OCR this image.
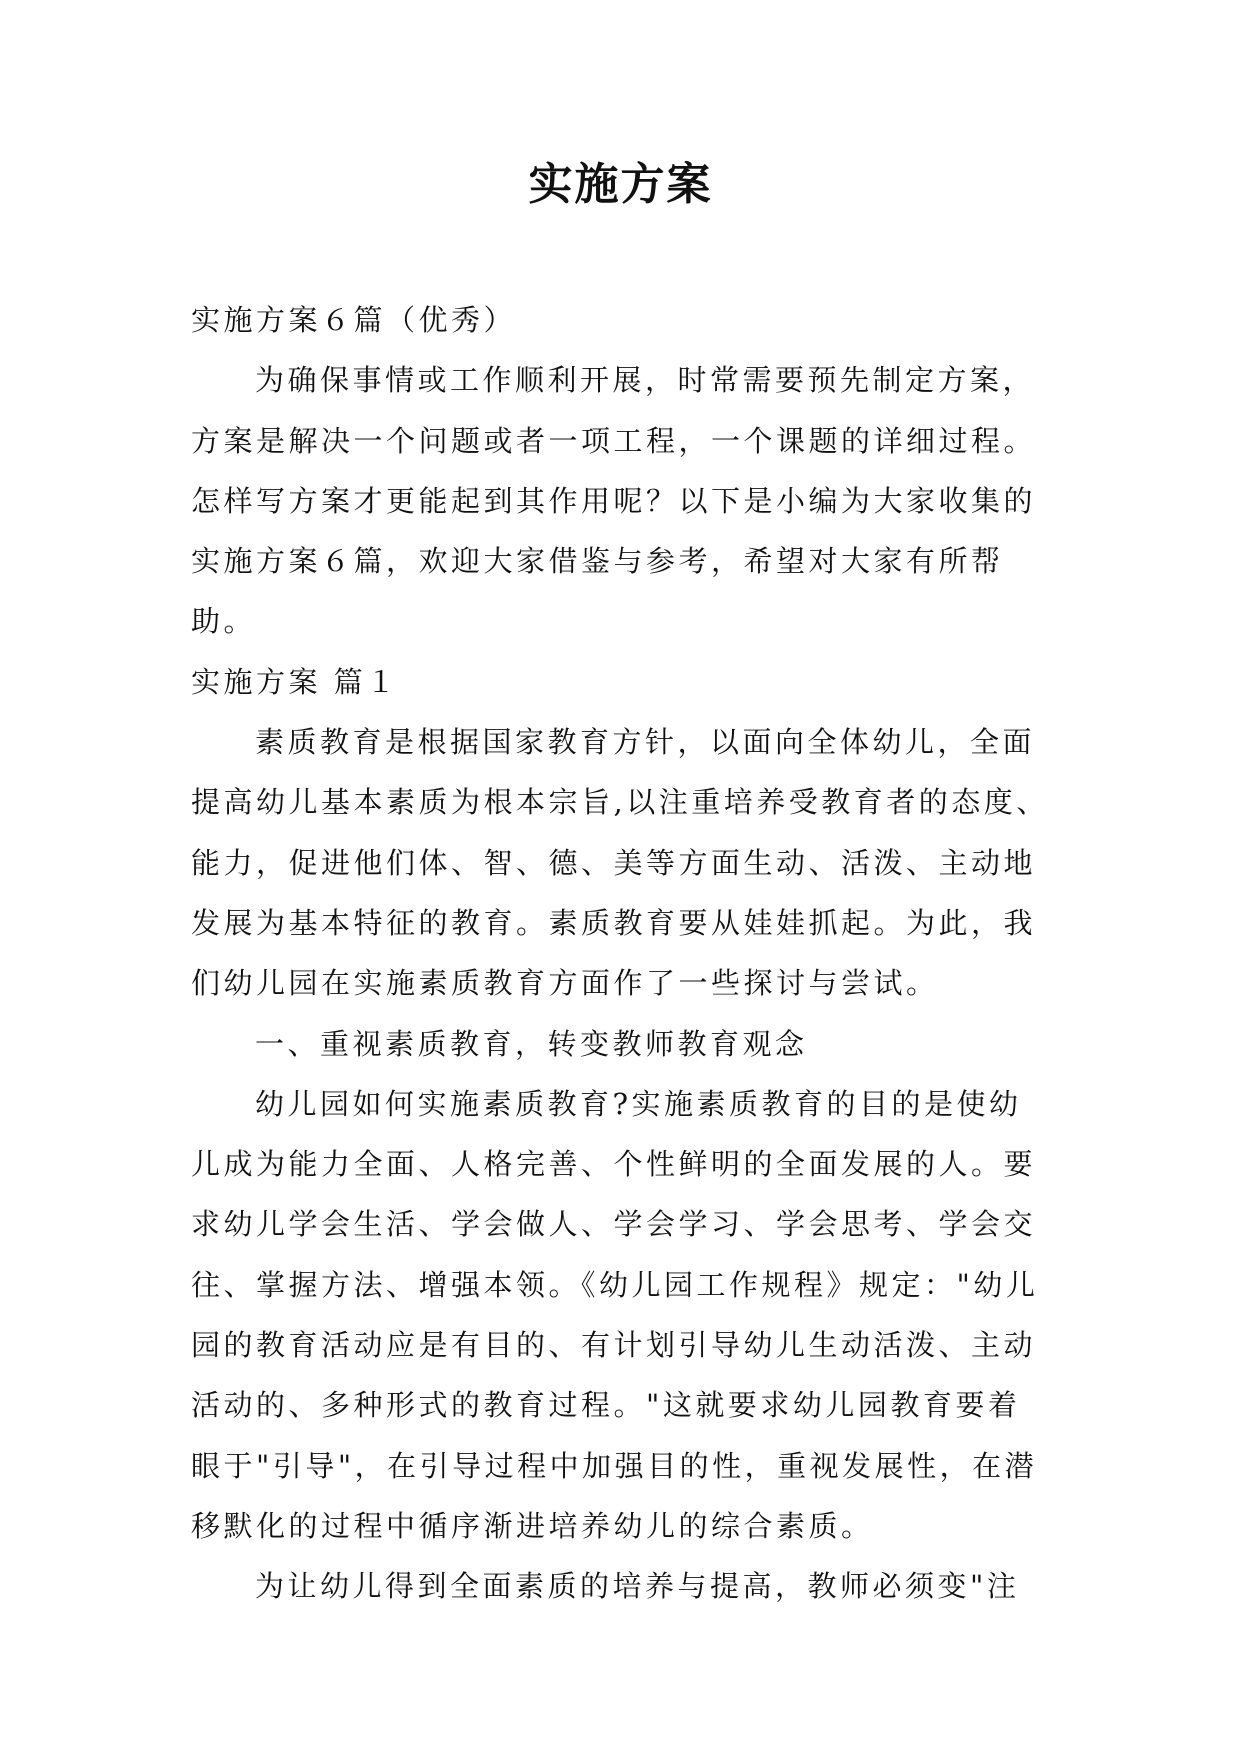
实施方案

实施方案６篇（优秀）

为确保事情或工作顺利开展，时常需要预先制定方案，方案是解决一个问题或者一项工程，一个课题的详细过程。怎样写方案才更能起到其作用呢？以下是小编为大家收集的实施方案６篇，欢迎大家借鉴与参考，希望对大家有所帮助。

实施方案 篇１

素质教育是根据国家教育方针，以面向全体幼儿，全面提高幼儿基本素质为根本宗旨,以注重培养受教育者的态度、能力，促进他们体、智、德、美等方面生动、活泼、主动地发展为基本特征的教育。素质教育要从娃娃抓起。为此，我们幼儿园在实施素质教育方面作了一些探讨与尝试。

一、重视素质教育，转变教师教育观念

幼儿园如何实施素质教育?实施素质教育的目的是使幼儿成为能力全面、人格完善、个性鲜明的全面发展的人。要求幼儿学会生活、学会做人、学会学习、学会思考、学会交往、掌握方法、增强本领。《幼儿园工作规程》规定："幼儿园的教育活动应是有目的、有计划引导幼儿生动活泼、主动活动的、多种形式的教育过程。"这就要求幼儿园教育要着眼于"引导"，在引导过程中加强目的性，重视发展性，在潜移默化的过程中循序渐进培养幼儿的综合素质。

为让幼儿得到全面素质的培养与提高，教师必须变"注
